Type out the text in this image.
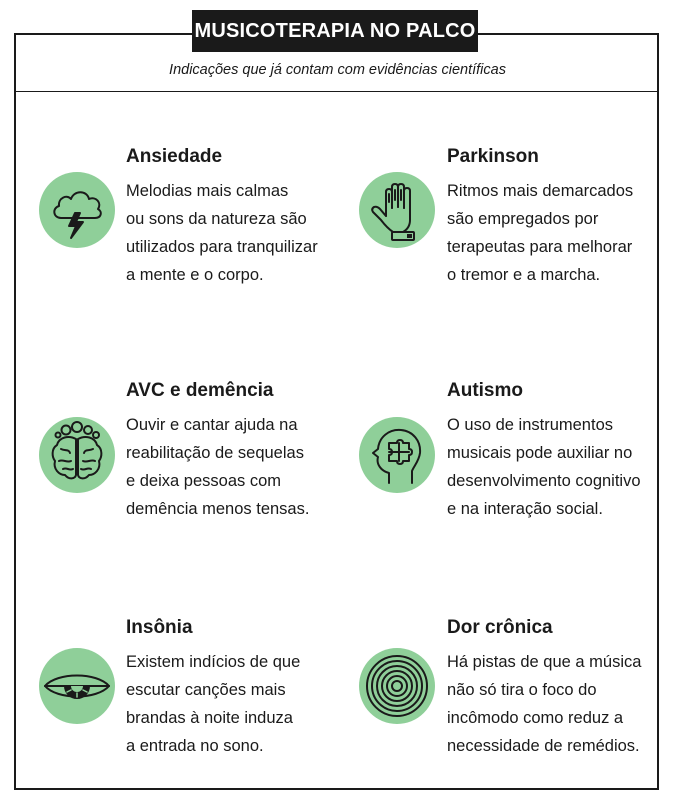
MUSICOTERAPIA NO PALCO
Indicações que já contam com evidências científicas
Ansiedade

Melodias mais calmas
ou sons da natureza são
utilizados para tranquilizar
a mente e o corpo.

Parkinson

Ritmos mais demarcados
são empregados por
terapeutas para melhorar
o tremor e a marcha.

AVC e demência

Ouvir e cantar ajuda na
reabilitação de sequelas
e deixa pessoas com
demência menos tensas.

Autismo

O uso de instrumentos
musicais pode auxiliar no
desenvolvimento cognitivo
e na interação social.

Insônia

Existem indícios de que
escutar canções mais
brandas à noite induza
a entrada no sono.

Dor crônica

Há pistas de que a música
não só tira o foco do
incômodo como reduz a
necessidade de remédios.
